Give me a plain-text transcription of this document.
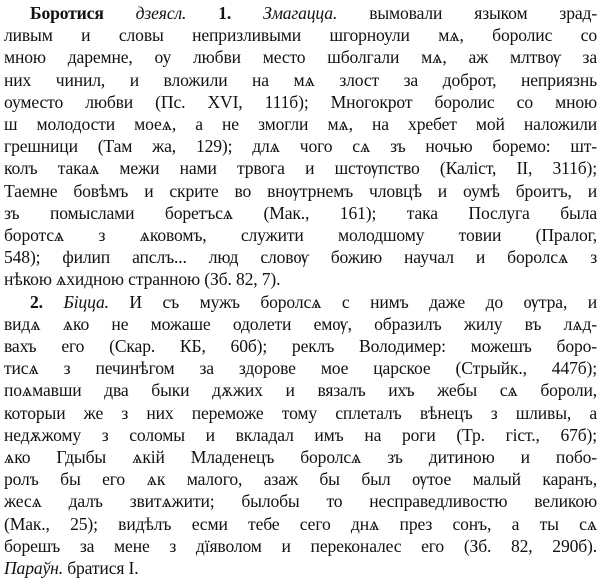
Боротися дзеясл. 1. Змагацца. вымовали языком зрад-
ливым и словы непризливыми шгорноули мѧ, боролис со
мною даремне, оу любви место шболгали мѧ, аж млтвѹ за
них чинил, и вложили на мѧ злост за доброт, неприязнь
оуместо любви (Пс. XVI, 111б); Многокрот боролис со мною
ш молодости моеѧ, а не змогли мѧ, на хребет мой наложили
грешници (Там жа, 129); длѧ чого сѧ зъ ночью боремо: шт-
колъ такаѧ межи нами трвога и шстѹпство (Каліст, II, 311б);
Таемне бовѣмъ и скрите во внѹтрнемъ чловцѣ и оумѣ броитъ, и
зъ помыслами боретъсѧ (Мак., 161); така Послуга была
боротсѧ з ѧковомъ, служити молодшому товии (Пралог,
548); филип апслъ... люд словѹ божию научал и боролсѧ з
нѣкою ѧхидною странною (Зб. 82, 7).
2. Біцца. И съ мужъ боролсѧ с нимъ даже до ѹтра, и
видѧ ѧко не можаше одолети емѹ, образилъ жилу въ лѧд-
вахъ его (Скар. КБ, 60б); реклъ Володимер: можешъ боро-
тисѧ з печинѣгом за здорове мое царское (Стрыйк., 447б);
поѧмавши два быки дѫжих и вязалъ ихъ жебы сѧ бороли,
которыи же з них переможе тому сплеталъ вѣнецъ з шливы, а
недѫжому з соломы и вкладал имъ на роги (Тр. гіст., 67б);
ѧко Гдыбы ѧкій Младенецъ боролсѧ зъ дитиною и побо-
ролъ бы его ѧк малого, азаж бы был ѹтое малый каранъ,
жесѧ далъ звитѧжити; былобы то несправедливостю великою
(Мак., 25); видѣлъ есми тебе сего днѧ през сонъ, а ты сѧ
борешъ за мене з дїяволом и переконалес его (Зб. 82, 290б).
Параўн. братися I.
